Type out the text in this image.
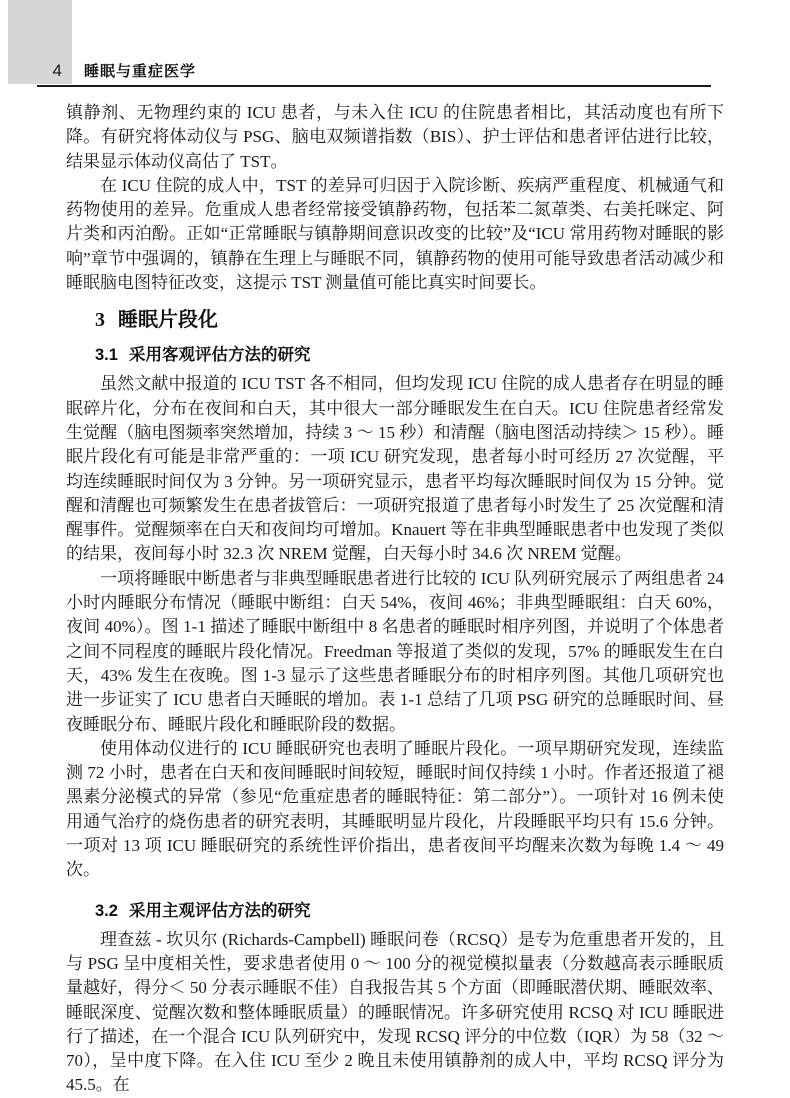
4 睡眠与重症医学

镇静剂、无物理约束的 ICU 患者，与未入住 ICU 的住院患者相比，其活动度也有所下降。有研究将体动仪与 PSG、脑电双频谱指数（BIS）、护士评估和患者评估进行比较，结果显示体动仪高估了 TST。

在 ICU 住院的成人中，TST 的差异可归因于入院诊断、疾病严重程度、机械通气和药物使用的差异。危重成人患者经常接受镇静药物，包括苯二氮䓬类、右美托咪定、阿片类和丙泊酚。正如“正常睡眠与镇静期间意识改变的比较”及“ICU 常用药物对睡眠的影响”章节中强调的，镇静在生理上与睡眠不同，镇静药物的使用可能导致患者活动减少和睡眠脑电图特征改变，这提示 TST 测量值可能比真实时间要长。

3 睡眠片段化
3.1 采用客观评估方法的研究

虽然文献中报道的 ICU TST 各不相同，但均发现 ICU 住院的成人患者存在明显的睡眠碎片化，分布在夜间和白天，其中很大一部分睡眠发生在白天。ICU 住院患者经常发生觉醒（脑电图频率突然增加，持续 3 ～ 15 秒）和清醒（脑电图活动持续＞ 15 秒）。睡眠片段化有可能是非常严重的：一项 ICU 研究发现，患者每小时可经历 27 次觉醒，平均连续睡眠时间仅为 3 分钟。另一项研究显示，患者平均每次睡眠时间仅为 15 分钟。觉醒和清醒也可频繁发生在患者拔管后：一项研究报道了患者每小时发生了 25 次觉醒和清醒事件。觉醒频率在白天和夜间均可增加。Knauert 等在非典型睡眠患者中也发现了类似的结果，夜间每小时 32.3 次 NREM 觉醒，白天每小时 34.6 次 NREM 觉醒。

一项将睡眠中断患者与非典型睡眠患者进行比较的 ICU 队列研究展示了两组患者 24 小时内睡眠分布情况（睡眠中断组：白天 54%，夜间 46%；非典型睡眠组：白天 60%，夜间 40%）。图 1-1 描述了睡眠中断组中 8 名患者的睡眠时相序列图，并说明了个体患者之间不同程度的睡眠片段化情况。Freedman 等报道了类似的发现，57% 的睡眠发生在白天，43% 发生在夜晚。图 1-3 显示了这些患者睡眠分布的时相序列图。其他几项研究也进一步证实了 ICU 患者白天睡眠的增加。表 1-1 总结了几项 PSG 研究的总睡眠时间、昼夜睡眠分布、睡眠片段化和睡眠阶段的数据。

使用体动仪进行的 ICU 睡眠研究也表明了睡眠片段化。一项早期研究发现，连续监测 72 小时，患者在白天和夜间睡眠时间较短，睡眠时间仅持续 1 小时。作者还报道了褪黑素分泌模式的异常（参见“危重症患者的睡眠特征：第二部分”）。一项针对 16 例未使用通气治疗的烧伤患者的研究表明，其睡眠明显片段化，片段睡眠平均只有 15.6 分钟。一项对 13 项 ICU 睡眠研究的系统性评价指出，患者夜间平均醒来次数为每晚 1.4 ～ 49 次。

3.2 采用主观评估方法的研究

理查兹 - 坎贝尔 (Richards-Campbell) 睡眠问卷（RCSQ）是专为危重患者开发的，且与 PSG 呈中度相关性，要求患者使用 0 ～ 100 分的视觉模拟量表（分数越高表示睡眠质量越好，得分＜ 50 分表示睡眠不佳）自我报告其 5 个方面（即睡眠潜伏期、睡眠效率、睡眠深度、觉醒次数和整体睡眠质量）的睡眠情况。许多研究使用 RCSQ 对 ICU 睡眠进行了描述，在一个混合 ICU 队列研究中，发现 RCSQ 评分的中位数（IQR）为 58（32 ～ 70），呈中度下降。在入住 ICU 至少 2 晚且未使用镇静剂的成人中，平均 RCSQ 评分为 45.5。在
